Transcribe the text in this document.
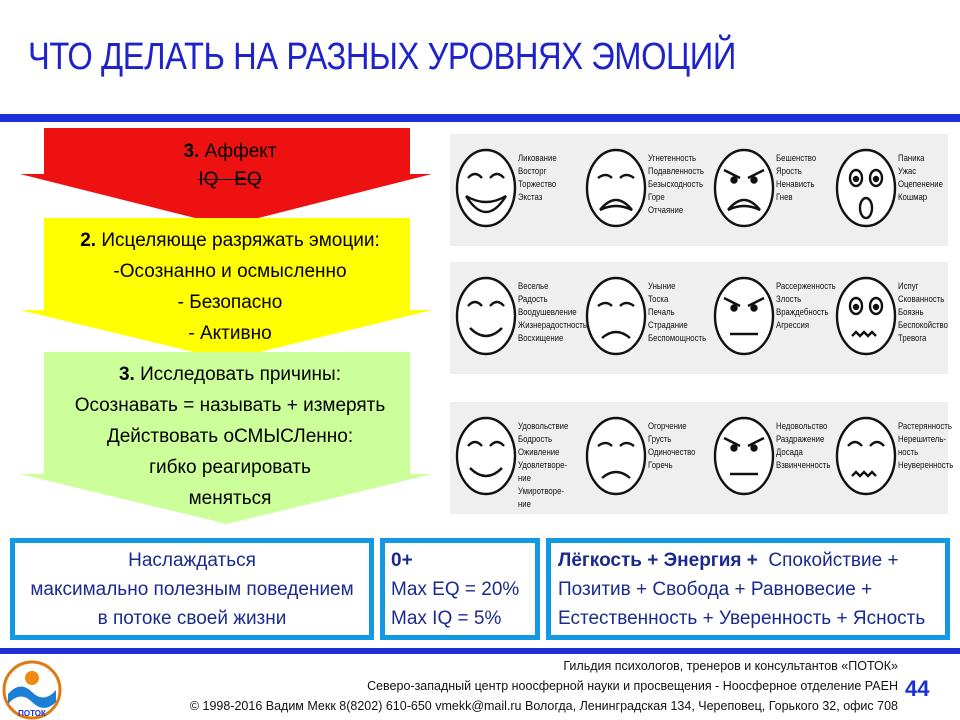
ЧТО ДЕЛАТЬ НА РАЗНЫХ УРОВНЯХ ЭМОЦИЙ
3. Аффект
IQ   EQ
2. Исцеляюще разряжать эмоции:
-Осознанно и осмысленно
- Безопасно
- Активно
3. Исследовать причины:
Осознавать = называть + измерять
Действовать оСМЫСЛенно:
гибко реагировать
меняться
Ликование
Восторг
Торжество
Экстаз
Угнетенность
Подавленность
Безысходность
Горе
Отчаяние
Бешенство
Ярость
Ненависть
Гнев
Паника
Ужас
Оцепенение
Кошмар
Веселье
Радость
Воодушевление
Жизнерадостность
Восхищение
Уныние
Тоска
Печаль
Страдание
Беспомощность
Рассерженность
Злость
Враждебность
Агрессия
Испуг
Скованность
Боязнь
Беспокойство
Тревога
Удовольствие
Бодрость
Оживление
Удовлетворе-
ние
Умиротворе-
ние
Огорчение
Грусть
Одиночество
Горечь
Недовольство
Раздражение
Досада
Взвинченность
Растерянность
Нерешитель-
ность
Неуверенность
Наслаждаться
максимально полезным поведением
в потоке своей жизни
0+
Max EQ = 20%
Max IQ = 5%
Лёгкость + Энергия + Спокойствие +
Позитив + Свобода + Равновесие +
Естественность + Уверенность + Ясность
ПОТОК
Гильдия психологов, тренеров и консультантов «ПОТОК»
Северо-западный центр ноосферной науки и просвещения - Ноосферное отделение РАЕН
© 1998-2016 Вадим Мекк 8(8202) 610-650 vmekk@mail.ru Вологда, Ленинградская 134, Череповец, Горького 32, офис 708
44
